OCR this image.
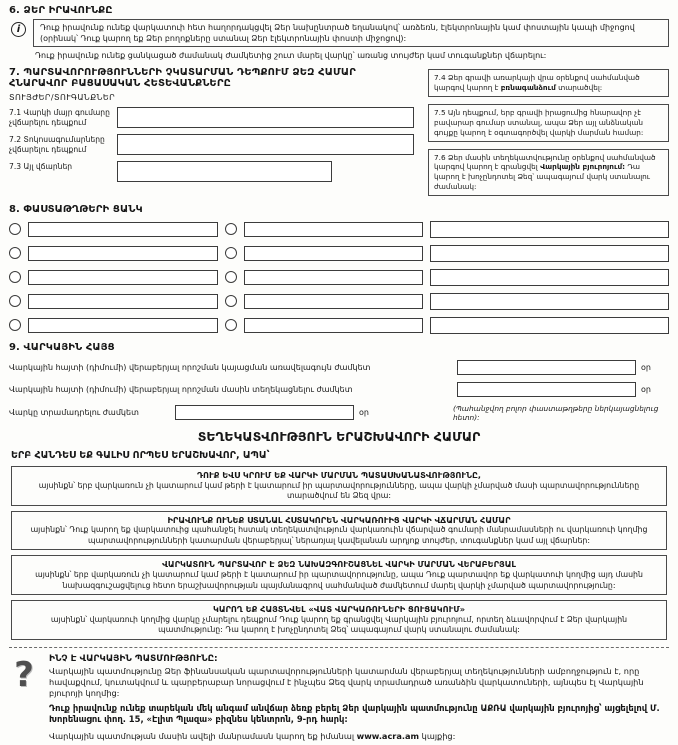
6. ՁԵՐ ԻՐԱՎՈՒՆՔԸ
i	Դուք իրավունք ունեք վարկատուի հետ հաղորդակցվել Ձեր նախընտրած եղանակով՝ առձեռն, էլեկտրոնային կամ փոստային կապի միջոցով (օրինակ՝ Դուք կարող եք Ձեր բողոքները ստանալ Ձեր էլեկտրոնային փոստի միջոցով):
Դուք իրավունք ունեք ցանկացած ժամանակ ժամկետից շուտ մարել վարկը՝ առանց տույժեր կամ տուգանքներ վճարելու:
7. ՊԱՐՏԱՎՈՐՈՒԹՅՈՒՆՆԵՐԻ ՉԿԱՏԱՐՄԱՆ ԴԵՊՔՈՒՄ ՁԵԶ ՀԱՄԱՐ ՀՆԱՐԱՎՈՐ ԲԱՑԱՍԱԿԱՆ ՀԵՏԵՎԱՆՔՆԵՐԸ
ՏՈՒՅԺԵՐ/ՏՈՒԳԱՆՔՆԵՐ
7.1 Վարկի մայր գումարը չվճարելու դեպքում
7.2 Տոկոսագումարները չվճարելու դեպքում
7.3 Այլ վճարներ
7.4 Ձեր գրավի առարկայի վրա օրենքով սահմանված կարգով կարող է բռնագանձում տարածվել:
7.5 Այն դեպքում, երբ գրավի իրացումից հնարավոր չէ բավարար գումար ստանալ, ապա Ձեր այլ անձնական գույքը կարող է օգտագործվել վարկի մարման համար:
7.6 Ձեր մասին տեղեկատվությունը օրենքով սահմանված կարգով կարող է գրանցվել Վարկային բյուրոյում: Դա կարող է խոչընդոտել Ձեզ՝ ապագայում վարկ ստանալու ժամանակ:
8. ՓԱՍՏԱԹՂԹԵՐԻ ՑԱՆԿ
9. ՎԱՐԿԱՅԻՆ ՀԱՅՑ
Վարկային հայտի (դիմումի) վերաբերյալ որոշման կայացման առավելագույն ժամկետ	օր
Վարկային հայտի (դիմումի) վերաբերյալ որոշման մասին տեղեկացնելու ժամկետ	օր
Վարկը տրամադրելու ժամկետ	օր	(Պահանջվող բոլոր փաստաթղթերը ներկայացնելուց հետո):
ՏԵՂԵԿԱՏՎՈՒԹՅՈՒՆ ԵՐԱՇԽԱՎՈՐԻ ՀԱՄԱՐ
ԵՐԲ ՀԱՆԴԵՍ ԵՔ ԳԱԼԻՍ ՈՐՊԵՍ ԵՐԱՇԽԱՎՈՐ, ԱՊԱ՝
ԴՈՒՔ ԵՎՍ ԿՐՈՒՄ ԵՔ ՎԱՐԿԻ ՄԱՐՄԱՆ ՊԱՏԱՍԽԱՆԱՏՎՈՒԹՅՈՒՆԸ,
այսինքն՝ երբ վարկառուն չի կատարում կամ թերի է կատարում իր պարտավորությունները, ապա վարկի չմարված մասի պարտավորությունները տարածվում են Ձեզ վրա:
ԻՐԱՎՈՒՆՔ ՈՒՆԵՔ ՍՏԱՆԱԼ ՀՍՏԱԿՈՐԵՆ ՎԱՐԿԱՌՈՒԻՑ ՎԱՐԿԻ ՎՃԱՐՄԱՆ ՀԱՄԱՐ
այսինքն՝ Դուք կարող եք վարկատուից պահանջել հստակ տեղեկատվություն վարկառուին վճարված գումարի մանրամասների ու վարկառուի կողմից պարտավորությունների կատարման վերաբերյալ՝ ներառյալ կավելանան արդյոք տույժեր, տուգանքներ կամ այլ վճարներ:
ՎԱՐԿԱՏՈՒՆ ՊԱՐՏԱՎՈՐ Է ՁԵԶ ՆԱԽԱԶԳՈՒՇԱՑՆԵԼ ՎԱՐԿԻ ՄԱՐՄԱՆ ՎԵՐԱԲԵՐՅԱԼ
այսինքն՝ երբ վարկառուն չի կատարում կամ թերի է կատարում իր պարտավորությունը, ապա Դուք պարտավոր եք վարկատուի կողմից այդ մասին նախազգուշացվելուց հետո երաշխավորության պայմանագրով սահմանված ժամկետում մարել վարկի չմարված պարտավորությունը:
ԿԱՐՈՂ ԵՔ ՀԱՅՏՆՎԵԼ «ՎԱՏ ՎԱՐԿԱՌՈՒՆԵՐԻ ՑՈՒՑԱԿՈՒՄ»
այսինքն՝ վարկառուի կողմից վարկը չմարելու դեպքում Դուք կարող եք գրանցվել Վարկային բյուրոյում, որտեղ ձևավորվում է Ձեր վարկային պատմությունը: Դա կարող է խոչընդոտել Ձեզ՝ ապագայում վարկ ստանալու ժամանակ:
?	ԻՆՉ Է ՎԱՐԿԱՅԻՆ ՊԱՏՄՈՒԹՅՈՒՆԸ:
Վարկային պատմությունը Ձեր ֆինանսական պարտավորությունների կատարման վերաբերյալ տեղեկությունների ամբողջություն է, որը հավաքվում, կուտակվում և պարբերաբար նորացվում է ինչպես Ձեզ վարկ տրամադրած առանձին վարկատուների, այնպես էլ Վարկային բյուրոյի կողմից:
Դուք իրավունք ունեք տարեկան մեկ անգամ անվճար ձեռք բերել Ձեր վարկային պատմությունը ԱՔՌԱ վարկային բյուրոյից՝ այցելելով Մ. Խորենացու փող. 15, «Էլիտ Պլազա» բիզնես կենտրոն, 9-րդ հարկ:
Վարկային պատմության մասին ավելի մանրամասն կարող եք իմանալ www.acra.am կայքից:
